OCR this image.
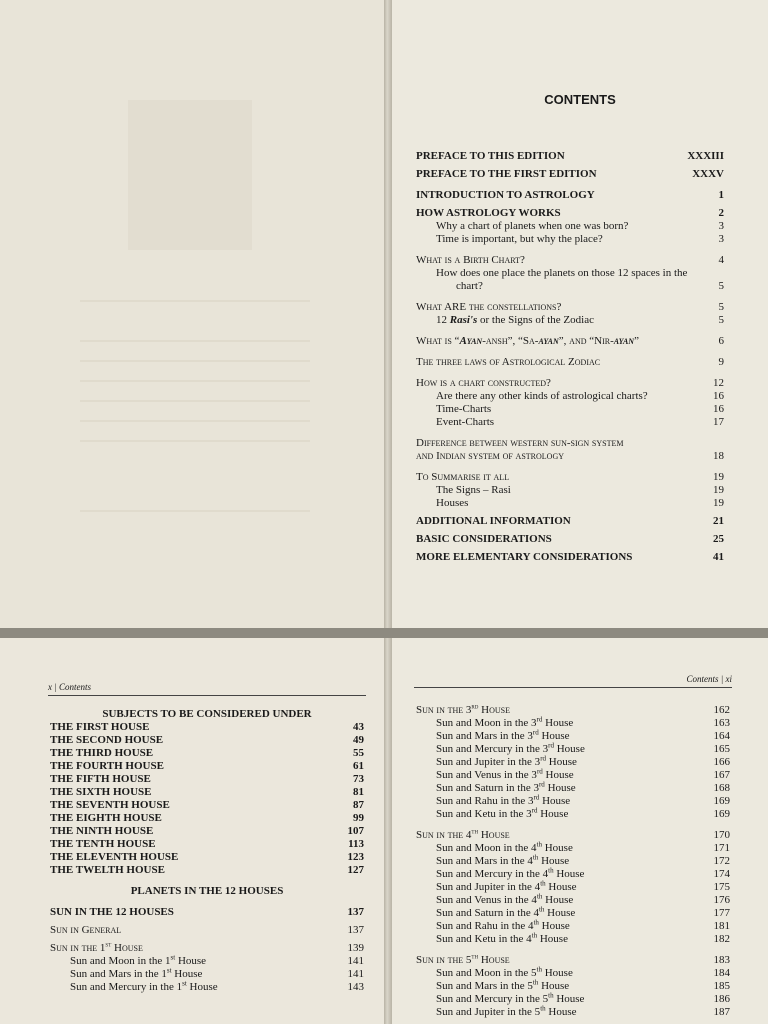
CONTENTS
PREFACE TO THIS EDITION	XXXIII
PREFACE TO THE FIRST EDITION	XXXV
INTRODUCTION TO ASTROLOGY	1
HOW ASTROLOGY WORKS	2
Why a chart of planets when one was born?	3
Time is important, but why the place?	3
What is a Birth Chart?	4
How does one place the planets on those 12 spaces in the
chart?	5
What ARE the constellations?	5
12 Rasi's or the Signs of the Zodiac	5
What is “Ayan-ansh”, “Sa-ayan”, and “Nir-ayan”	6
The three laws of Astrological Zodiac	9
How is a chart constructed?	12
Are there any other kinds of astrological charts?	16
Time-Charts	16
Event-Charts	17
Difference between western sun-sign system
and Indian system of astrology	18
To Summarise it all	19
The Signs – Rasi	19
Houses	19
ADDITIONAL INFORMATION	21
BASIC CONSIDERATIONS	25
MORE ELEMENTARY CONSIDERATIONS	41
x | Contents
SUBJECTS TO BE CONSIDERED UNDER
THE FIRST HOUSE	43
THE SECOND HOUSE	49
THE THIRD HOUSE	55
THE FOURTH HOUSE	61
THE FIFTH HOUSE	73
THE SIXTH HOUSE	81
THE SEVENTH HOUSE	87
THE EIGHTH HOUSE	99
THE NINTH HOUSE	107
THE TENTH HOUSE	113
THE ELEVENTH HOUSE	123
THE TWELTH HOUSE	127
PLANETS IN THE 12 HOUSES
SUN IN THE 12 HOUSES	137
Sun in General	137
Sun in the 1st House	139
Sun and Moon in the 1st House	141
Sun and Mars in the 1st House	141
Sun and Mercury in the 1st House	143
Contents | xi
Sun in the 3rd House	162
Sun and Moon in the 3rd House	163
Sun and Mars in the 3rd House	164
Sun and Mercury in the 3rd House	165
Sun and Jupiter in the 3rd House	166
Sun and Venus in the 3rd House	167
Sun and Saturn in the 3rd House	168
Sun and Rahu in the 3rd House	169
Sun and Ketu in the 3rd House	169
Sun in the 4th House	170
Sun and Moon in the 4th House	171
Sun and Mars in the 4th House	172
Sun and Mercury in the 4th House	174
Sun and Jupiter in the 4th House	175
Sun and Venus in the 4th House	176
Sun and Saturn in the 4th House	177
Sun and Rahu in the 4th House	181
Sun and Ketu in the 4th House	182
Sun in the 5th House	183
Sun and Moon in the 5th House	184
Sun and Mars in the 5th House	185
Sun and Mercury in the 5th House	186
Sun and Jupiter in the 5th House	187
